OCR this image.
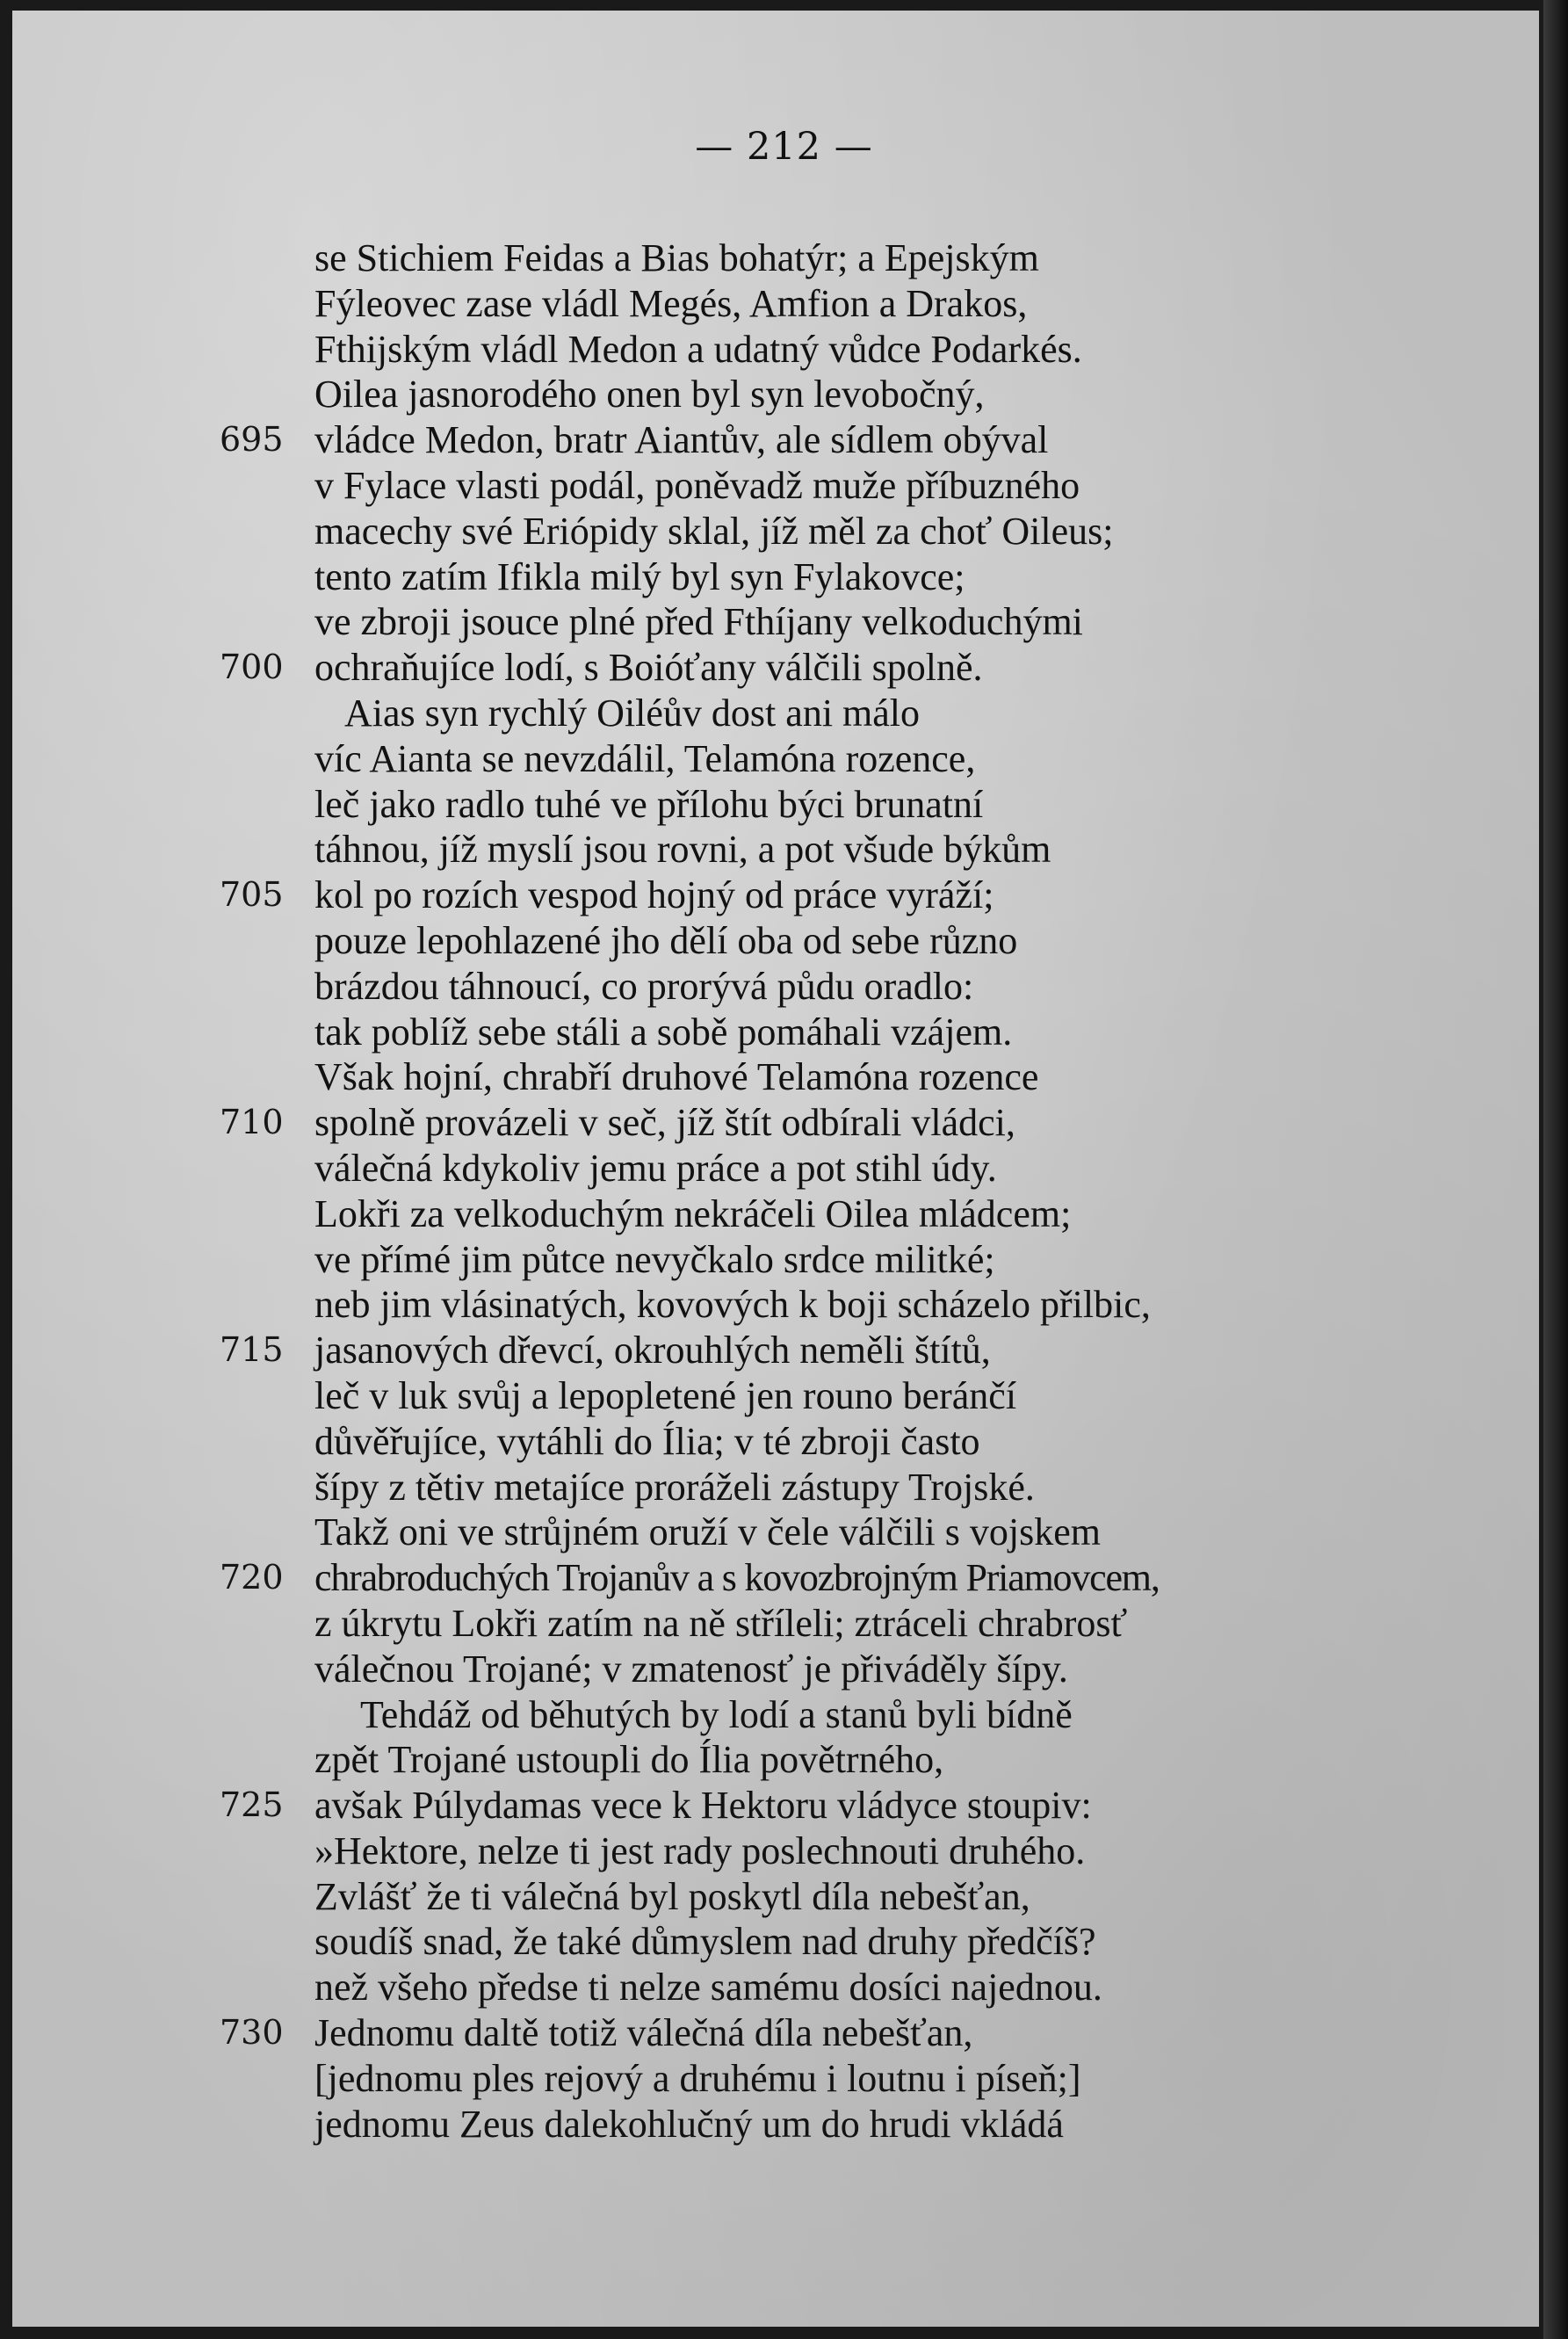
— 212 —
se Stichiem Feidas a Bias bohatýr; a Epejským
Fýleovec zase vládl Megés, Amfion a Drakos,
Fthijským vládl Medon a udatný vůdce Podarkés.
Oilea jasnorodého onen byl syn levobočný,
695 vládce Medon, bratr Aiantův, ale sídlem obýval
v Fylace vlasti podál, poněvadž muže příbuzného
macechy své Eriópidy sklal, jíž měl za choť Oileus;
tento zatím Ifikla milý byl syn Fylakovce;
ve zbroji jsouce plné před Fthíjany velkoduchými
700 ochraňujíce lodí, s Boióťany válčili spolně.
Aias syn rychlý Oiléův dost ani málo
víc Aianta se nevzdálil, Telamóna rozence,
leč jako radlo tuhé ve přílohu býci brunatní
táhnou, jíž myslí jsou rovni, a pot všude býkům
705 kol po rozích vespod hojný od práce vyráží;
pouze lepohlazené jho dělí oba od sebe různo
brázdou táhnoucí, co prorývá půdu oradlo:
tak poblíž sebe stáli a sobě pomáhali vzájem.
Však hojní, chrabří druhové Telamóna rozence
710 spolně provázeli v seč, jíž štít odbírali vládci,
válečná kdykoliv jemu práce a pot stihl údy.
Lokři za velkoduchým nekráčeli Oilea mládcem;
ve přímé jim půtce nevyčkalo srdce militké;
neb jim vlásinatých, kovových k boji scházelo přilbic,
715 jasanových dřevcí, okrouhlých neměli štítů,
leč v luk svůj a lepopletené jen rouno beránčí
důvěřujíce, vytáhli do Ília; v té zbroji často
šípy z tětiv metajíce proráželi zástupy Trojské.
Takž oni ve strůjném oruží v čele válčili s vojskem
720 chrabroduchých Trojanův a s kovozbrojným Priamovcem,
z úkrytu Lokři zatím na ně stříleli; ztráceli chrabrosť
válečnou Trojané; v zmatenosť je přiváděly šípy.
Tehdáž od běhutých by lodí a stanů byli bídně
zpět Trojané ustoupli do Ília povětrného,
725 avšak Púlydamas vece k Hektoru vládyce stoupiv:
»Hektore, nelze ti jest rady poslechnouti druhého.
Zvlášť že ti válečná byl poskytl díla nebešťan,
soudíš snad, že také důmyslem nad druhy předčíš?
než všeho předse ti nelze samému dosíci najednou.
730 Jednomu daltě totiž válečná díla nebešťan,
[jednomu ples rejový a druhému i loutnu i píseň;]
jednomu Zeus dalekohlučný um do hrudi vkládá
